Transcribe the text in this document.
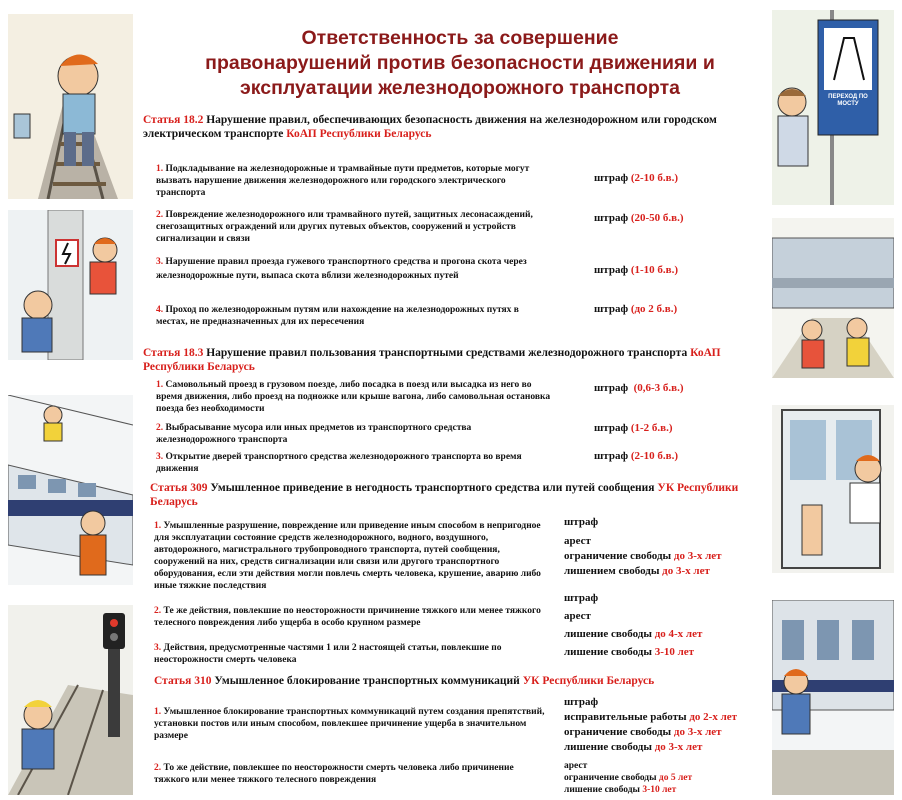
Ответственность за совершение
правонарушений против безопасности движенияи и
эксплуатации железнодорожного транспорта	ПЕРЕХОД ПО МОСТУ
Статья 18.2 Нарушение правил, обеспечивающих безопасность движения на железнодорожном или городском электрическом транспорте КоАП Республики Беларусь
1. Подкладывание на железнодорожные и трамвайные пути предметов, которые могут вызвать нарушение движения железнодорожного или городского электрического транспорта
штраф (2-10 б.в.)
2. Повреждение железнодорожного или трамвайного путей, защитных лесонасаждений, снегозащитных ограждений или других путевых объектов, сооружений и устройств сигнализации и связи
штраф (20-50 б.в.)
3. Нарушение правил проезда гужевого транспортного средства и прогона скота через железнодорожные пути, выпаса скота вблизи железнодорожных путей	штраф (1-10 б.в.)
4. Проход по железнодорожным путям или нахождение на железнодорожных путях в местах, не предназначенных для их пересечения
штраф (до 2 б.в.)
Статья 18.3 Нарушение правил пользования транспортными средствами железнодорожного транспорта КоАП Республики Беларусь
1. Самовольный проезд в грузовом поезде, либо посадка в поезд или высадка из него во время движения, либо проезд на подножке или крыше вагона, либо самовольная остановка поезда без необходимости
штраф (0,6-3 б.в.)
2. Выбрасывание мусора или иных предметов из транспортного средства железнодорожного транспорта
штраф (1-2 б.в.)
3. Открытие дверей транспортного средства железнодорожного транспорта во время движения
штраф (2-10 б.в.)
Статья 309 Умышленное приведение в негодность транспортного средства или путей сообщения УК Республики Беларусь
1. Умышленные разрушение, повреждение или приведение иным способом в непригодное для эксплуатации состояние средств железнодорожного, водного, воздушного, автодорожного, магистрального трубопроводного транспорта, путей сообщения, сооружений на них, средств сигнализации или связи или другого транспортного оборудования, если эти действия могли повлечь смерть человека, крушение, аварию либо иные тяжкие последствия
штраф
арест
ограничение свободы до 3-х лет
лишением свободы до 3-х лет
2. Те же действия, повлекшие по неосторожности причинение тяжкого или менее тяжкого телесного повреждения либо ущерба в особо крупном размере
штраф
арест
лишение свободы до 4-х лет
3. Действия, предусмотренные частями 1 или 2 настоящей статьи, повлекшие по неосторожности смерть человека
лишение свободы 3-10 лет
Статья 310 Умышленное блокирование транспортных коммуникаций УК Республики Беларусь
1. Умышленное блокирование транспортных коммуникаций путем создания препятствий, установки постов или иным способом, повлекшее причинение ущерба в значительном размере
штраф
исправительные работы до 2-х лет
ограничение свободы до 3-х лет
лишение свободы до 3-х лет
2. То же действие, повлекшее по неосторожности смерть человека либо причинение тяжкого или менее тяжкого телесного повреждения
арест
ограничение свободы до 5 лет
лишение свободы 3-10 лет
